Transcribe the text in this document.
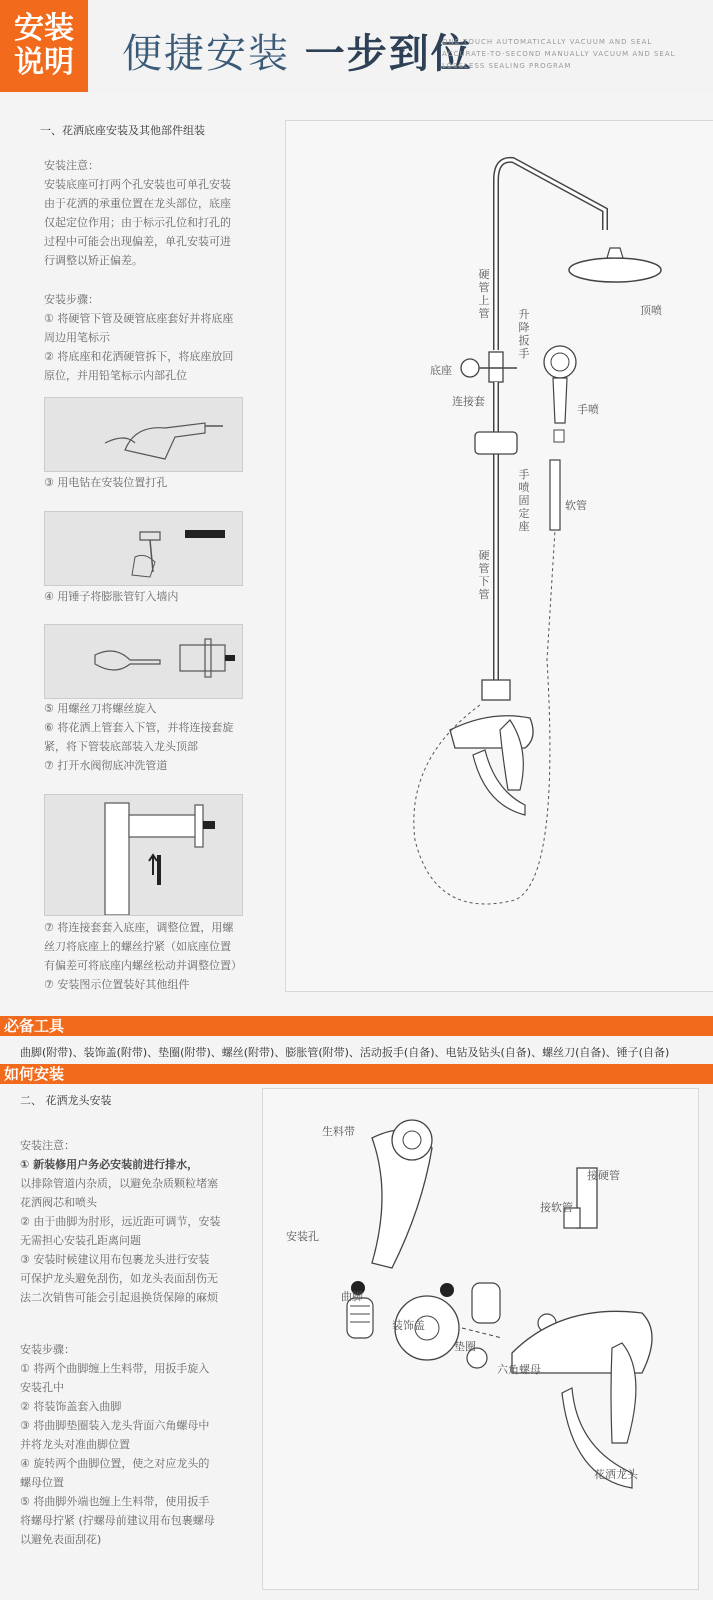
安装
说明	便捷安装 一步到位
ONE-TOUCH AUTOMATICALLY VACUUM AND SEAL
ACCURATE-TO-SECOND MANUALLY VACUUM AND SEAL
LOSSLESS SEALING PROGRAM
一、花洒底座安装及其他部件组装
安装注意：
安装底座可打两个孔安装也可单孔安装
由于花洒的承重位置在龙头部位，底座
仅起定位作用；由于标示孔位和打孔的
过程中可能会出现偏差，单孔安装可进
行调整以矫正偏差。
安装步骤：
① 将硬管下管及硬管底座套好并将底座
周边用笔标示
② 将底座和花洒硬管拆下，将底座放回
原位，并用铅笔标示内部孔位
③ 用电钻在安装位置打孔
④ 用锤子将膨胀管钉入墙内
⑤ 用螺丝刀将螺丝旋入
⑥ 将花洒上管套入下管，并将连接套旋
紧，将下管装底部装入龙头顶部
⑦ 打开水阀彻底冲洗管道
⑦ 将连接套套入底座，调整位置，用螺
丝刀将底座上的螺丝拧紧（如底座位置
有偏差可将底座内螺丝松动并调整位置）
⑦ 安装图示位置装好其他组件
硬管上管	升降扳手
顶喷
底座
连接套
手喷
手喷固定座
软管
硬管下管
必备工具
曲脚(附带)、装饰盖(附带)、垫圈(附带)、螺丝(附带)、膨胀管(附带)、活动扳手(自备)、电钻及钻头(自备)、螺丝刀(自备)、锤子(自备)
如何安装
二、 花洒龙头安装
安装注意：
① 新装修用户务必安装前进行排水，
以排除管道内杂质，以避免杂质颗粒堵塞
花洒阀芯和喷头
② 由于曲脚为肘形，远近距可调节，安装
无需担心安装孔距离问题
③ 安装时候建议用布包裹龙头进行安装
可保护龙头避免刮伤，如龙头表面刮伤无
法二次销售可能会引起退换货保障的麻烦
安装步骤：
① 将两个曲脚缠上生料带，用扳手旋入
安装孔中
② 将装饰盖套入曲脚
③ 将曲脚垫圈装入龙头背面六角螺母中
并将龙头对准曲脚位置
④ 旋转两个曲脚位置，使之对应龙头的
螺母位置
⑤ 将曲脚外端也缠上生料带，使用扳手
将螺母拧紧 (拧螺母前建议用布包裹螺母
以避免表面刮花)
生料带
接硬管
接软管
安装孔
曲脚
装饰盖
垫圈
六角螺母
花洒龙头
